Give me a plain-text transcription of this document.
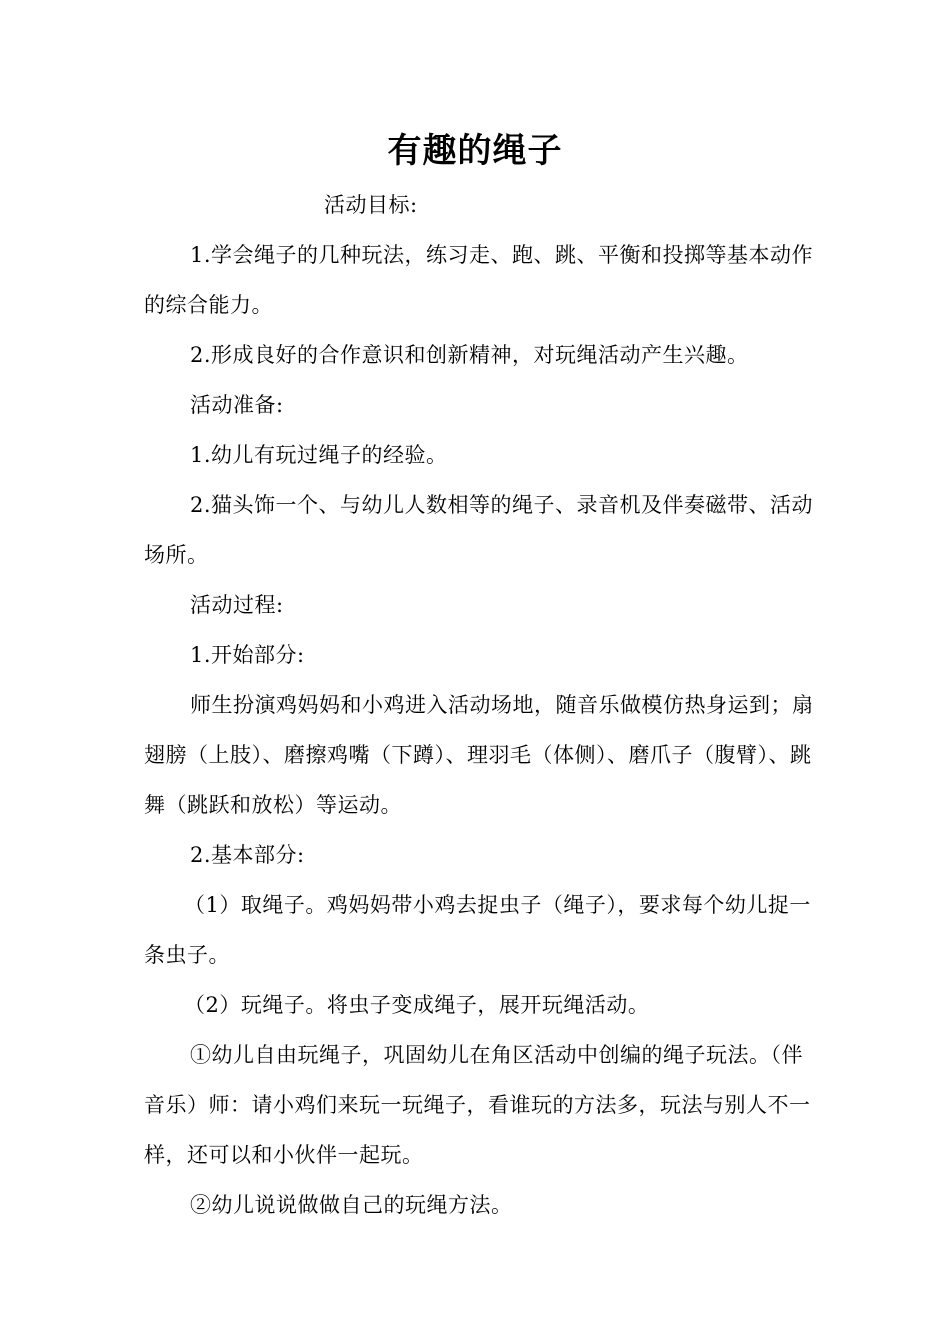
有趣的绳子

活动目标:

1.学会绳子的几种玩法，练习走、跑、跳、平衡和投掷等基本动作的综合能力。

2.形成良好的合作意识和创新精神，对玩绳活动产生兴趣。

活动准备:

1.幼儿有玩过绳子的经验。

2.猫头饰一个、与幼儿人数相等的绳子、录音机及伴奏磁带、活动场所。

活动过程:

1.开始部分:

师生扮演鸡妈妈和小鸡进入活动场地，随音乐做模仿热身运到；扇翅膀（上肢）、磨擦鸡嘴（下蹲）、理羽毛（体侧）、磨爪子（腹臂）、跳舞（跳跃和放松）等运动。

2.基本部分:

（1）取绳子。鸡妈妈带小鸡去捉虫子（绳子），要求每个幼儿捉一条虫子。

（2）玩绳子。将虫子变成绳子，展开玩绳活动。

①幼儿自由玩绳子，巩固幼儿在角区活动中创编的绳子玩法。（伴音乐）师：请小鸡们来玩一玩绳子，看谁玩的方法多，玩法与别人不一样，还可以和小伙伴一起玩。

②幼儿说说做做自己的玩绳方法。
